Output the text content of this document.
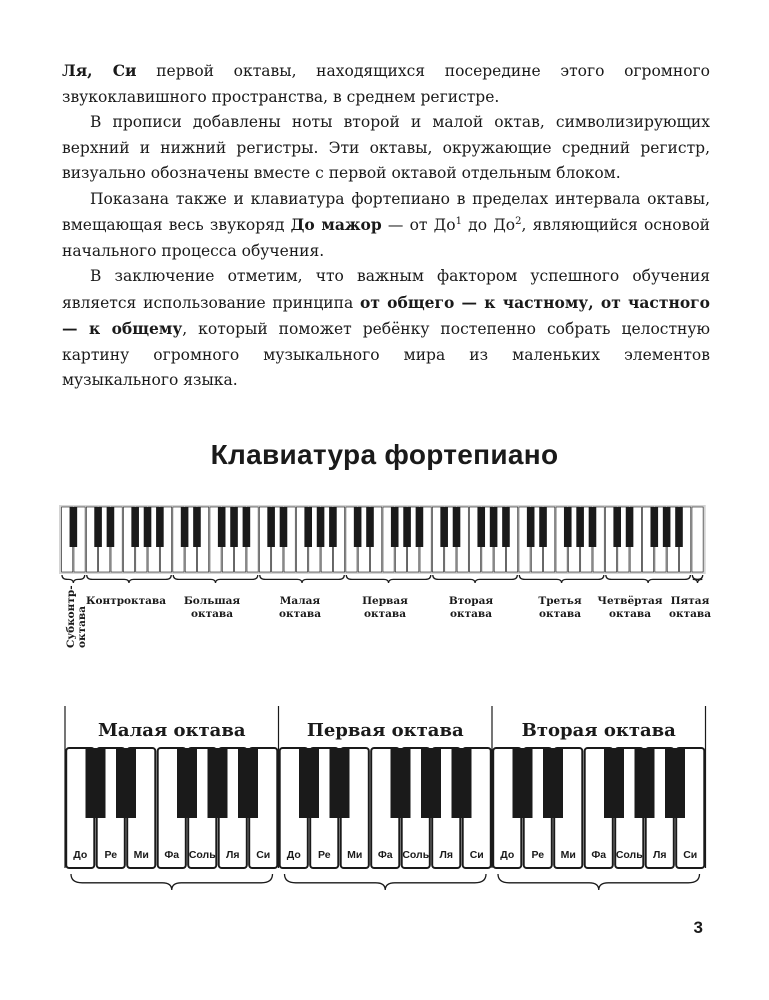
Ля, Си первой октавы, находящихся посередине этого огромного звукоклавишного пространства, в среднем регистре.

В прописи добавлены ноты второй и малой октав, символизирующих верхний и нижний регистры. Эти октавы, окружающие средний регистр, визуально обозначены вместе с первой октавой отдельным блоком.

Показана также и клавиатура фортепиано в пределах интервала октавы, вмещающая весь звукоряд До мажор — от $До^1$ до $До^2$, являющийся основой начального процесса обучения.

В заключение отметим, что важным фактором успешного обучения является использование принципа от общего — к частному, от частного — к общему, который поможет ребёнку постепенно собрать целостную картину огромного музыкального мира из маленьких элементов музыкального языка.

Клавиатура фортепиано
Субконтр- октава
Контроктава Большая
октава
Малая
октава
Первая
октава
Вторая
октава
Третья
октава
Четвёртая
октава
Пятая
октава
Малая октава	Первая октава	Вторая октава
До Ре Ми Фа Соль Ля Си До Ре Ми Фа Соль Ля Си До Ре Ми Фа Соль Ля Си
3
